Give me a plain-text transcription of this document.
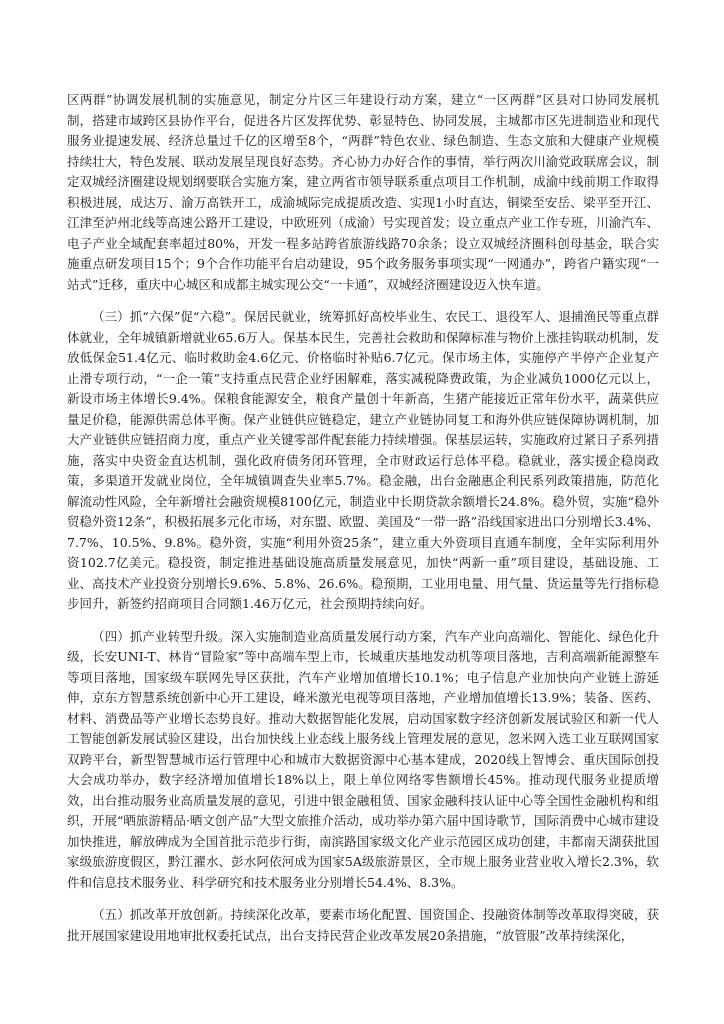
区两群”协调发展机制的实施意见，制定分片区三年建设行动方案，建立“一区两群”区县对口协同发展机制，搭建市域跨区县协作平台，促进各片区发挥优势、彰显特色、协同发展，主城都市区先进制造业和现代服务业提速发展、经济总量过千亿的区增至8个，“两群”特色农业、绿色制造、生态文旅和大健康产业规模持续壮大，特色发展、联动发展呈现良好态势。齐心协力办好合作的事情，举行两次川渝党政联席会议，制定双城经济圈建设规划纲要联合实施方案，建立两省市领导联系重点项目工作机制，成渝中线前期工作取得积极进展，成达万、渝万高铁开工，成渝城际完成提质改造、实现1小时直达，铜梁至安岳、梁平至开江、江津至泸州北线等高速公路开工建设，中欧班列（成渝）号实现首发；设立重点产业工作专班，川渝汽车、电子产业全域配套率超过80%，开发一程多站跨省旅游线路70余条；设立双城经济圈科创母基金，联合实施重点研发项目15个；9个合作功能平台启动建设，95个政务服务事项实现“一网通办”，跨省户籍实现“一站式”迁移，重庆中心城区和成都主城实现公交“一卡通”，双城经济圈建设迈入快车道。

（三）抓“六保”促“六稳”。保居民就业，统筹抓好高校毕业生、农民工、退役军人、退捕渔民等重点群体就业，全年城镇新增就业65.6万人。保基本民生，完善社会救助和保障标准与物价上涨挂钩联动机制，发放低保金51.4亿元、临时救助金4.6亿元、价格临时补贴6.7亿元。保市场主体，实施停产半停产企业复产止滑专项行动，“一企一策”支持重点民营企业纾困解难，落实减税降费政策，为企业减负1000亿元以上，新设市场主体增长9.4%。保粮食能源安全，粮食产量创十年新高，生猪产能接近正常年份水平，蔬菜供应量足价稳，能源供需总体平衡。保产业链供应链稳定，建立产业链协同复工和海外供应链保障协调机制，加大产业链供应链招商力度，重点产业关键零部件配套能力持续增强。保基层运转，实施政府过紧日子系列措施，落实中央资金直达机制，强化政府债务闭环管理，全市财政运行总体平稳。稳就业，落实援企稳岗政策，多渠道开发就业岗位，全年城镇调查失业率5.7%。稳金融，出台金融惠企利民系列政策措施，防范化解流动性风险，全年新增社会融资规模8100亿元，制造业中长期贷款余额增长24.8%。稳外贸，实施“稳外贸稳外资12条”，积极拓展多元化市场，对东盟、欧盟、美国及“一带一路”沿线国家进出口分别增长3.4%、7.7%、10.5%、9.8%。稳外资，实施“利用外资25条”，建立重大外资项目直通车制度，全年实际利用外资102.7亿美元。稳投资，制定推进基础设施高质量发展意见，加快“两新一重”项目建设，基础设施、工业、高技术产业投资分别增长9.6%、5.8%、26.6%。稳预期，工业用电量、用气量、货运量等先行指标稳步回升，新签约招商项目合同额1.46万亿元，社会预期持续向好。

（四）抓产业转型升级。深入实施制造业高质量发展行动方案，汽车产业向高端化、智能化、绿色化升级，长安UNI-T、林肯“冒险家”等中高端车型上市，长城重庆基地发动机等项目落地，吉利高端新能源整车等项目落地，国家级车联网先导区获批，汽车产业增加值增长10.1%；电子信息产业加快向产业链上游延伸，京东方智慧系统创新中心开工建设，峰米激光电视等项目落地，产业增加值增长13.9%；装备、医药、材料、消费品等产业增长态势良好。推动大数据智能化发展，启动国家数字经济创新发展试验区和新一代人工智能创新发展试验区建设，出台加快线上业态线上服务线上管理发展的意见，忽米网入选工业互联网国家双跨平台，新型智慧城市运行管理中心和城市大数据资源中心基本建成，2020线上智博会、重庆国际创投大会成功举办，数字经济增加值增长18%以上，限上单位网络零售额增长45%。推动现代服务业提质增效，出台推动服务业高质量发展的意见，引进中银金融租赁、国家金融科技认证中心等全国性金融机构和组织，开展“晒旅游精品·晒文创产品”大型文旅推介活动，成功举办第六届中国诗歌节，国际消费中心城市建设加快推进，解放碑成为全国首批示范步行街，南滨路国家级文化产业示范园区成功创建，丰都南天湖获批国家级旅游度假区，黔江濯水、彭水阿依河成为国家5A级旅游景区，全市规上服务业营业收入增长2.3%，软件和信息技术服务业、科学研究和技术服务业分别增长54.4%、8.3%。

（五）抓改革开放创新。持续深化改革，要素市场化配置、国资国企、投融资体制等改革取得突破，获批开展国家建设用地审批权委托试点，出台支持民营企业改革发展20条措施，“放管服”改革持续深化，
